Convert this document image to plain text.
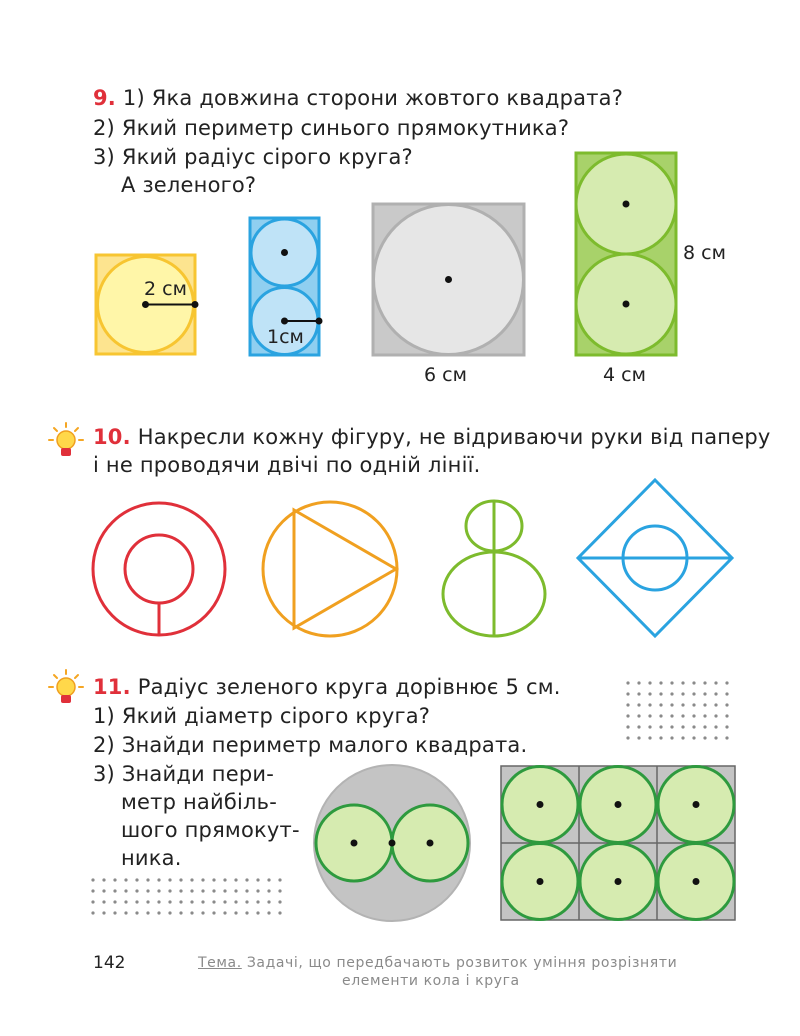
9. 1) Яка довжина сторони жовтого квадрата?
2) Який периметр синього прямокутника?
3) Який радіус сірого круга?
А зеленого?
2 см
1см
6 см	4 см
8 см
10. Накресли кожну фігуру, не відриваючи руки від паперу
і не проводячи двічі по одній лінії.
11. Радіус зеленого круга дорівнює 5 см.
1) Який діаметр сірого круга?
2) Знайди периметр малого квадрата.
3) Знайди пери-
метр найбіль-
шого прямокут-
ника.
142	Тема. Задачі, що передбачають розвиток уміння розрізняти
елементи кола і круга
